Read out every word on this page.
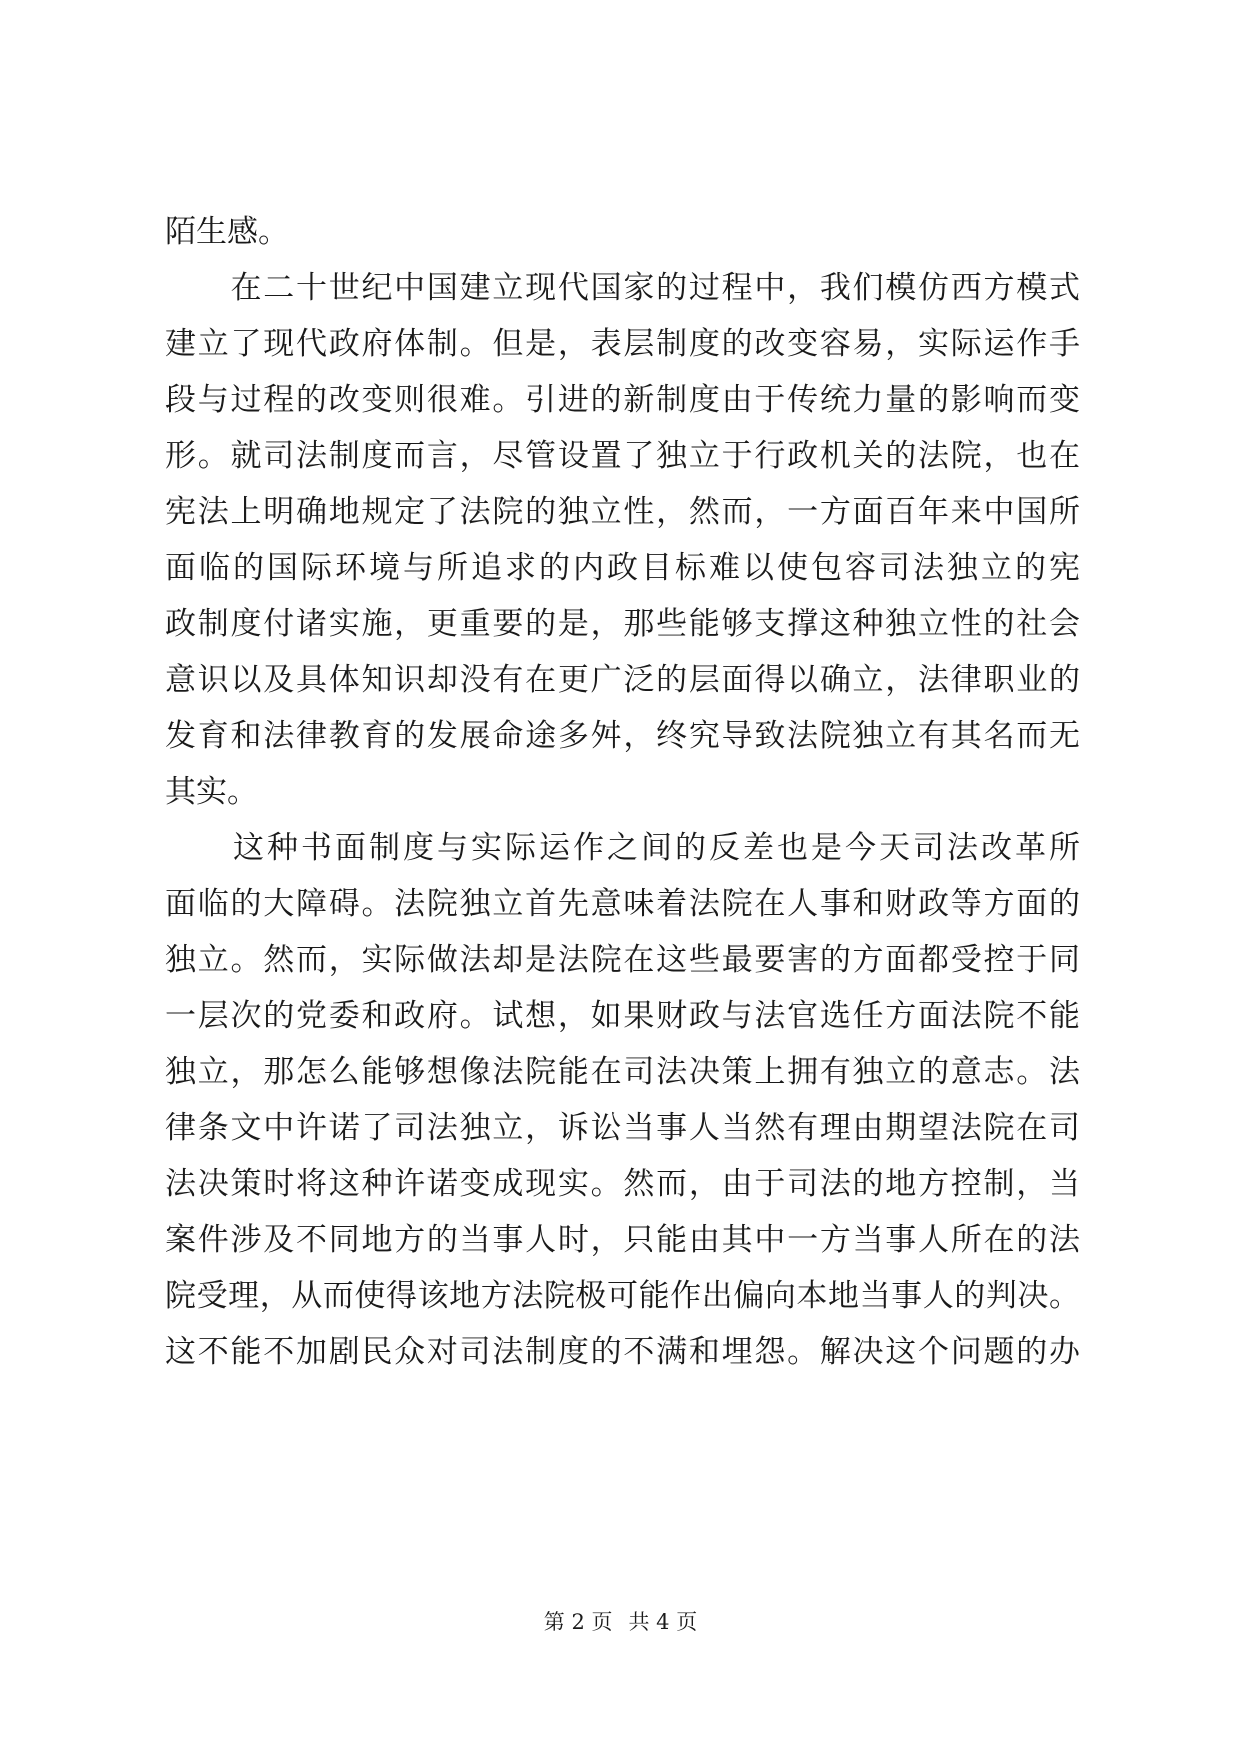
陌生感。
　　在二十世纪中国建立现代国家的过程中，我们模仿西方模式
建立了现代政府体制。但是，表层制度的改变容易，实际运作手
段与过程的改变则很难。引进的新制度由于传统力量的影响而变
形。就司法制度而言，尽管设置了独立于行政机关的法院，也在
宪法上明确地规定了法院的独立性，然而，一方面百年来中国所
面临的国际环境与所追求的内政目标难以使包容司法独立的宪
政制度付诸实施，更重要的是，那些能够支撑这种独立性的社会
意识以及具体知识却没有在更广泛的层面得以确立，法律职业的
发育和法律教育的发展命途多舛，终究导致法院独立有其名而无
其实。
　　这种书面制度与实际运作之间的反差也是今天司法改革所
面临的大障碍。法院独立首先意味着法院在人事和财政等方面的
独立。然而，实际做法却是法院在这些最要害的方面都受控于同
一层次的党委和政府。试想，如果财政与法官选任方面法院不能
独立，那怎么能够想像法院能在司法决策上拥有独立的意志。法
律条文中许诺了司法独立，诉讼当事人当然有理由期望法院在司
法决策时将这种许诺变成现实。然而，由于司法的地方控制，当
案件涉及不同地方的当事人时，只能由其中一方当事人所在的法
院受理，从而使得该地方法院极可能作出偏向本地当事人的判决。
这不能不加剧民众对司法制度的不满和埋怨。解决这个问题的办
第 2 页 共 4 页
